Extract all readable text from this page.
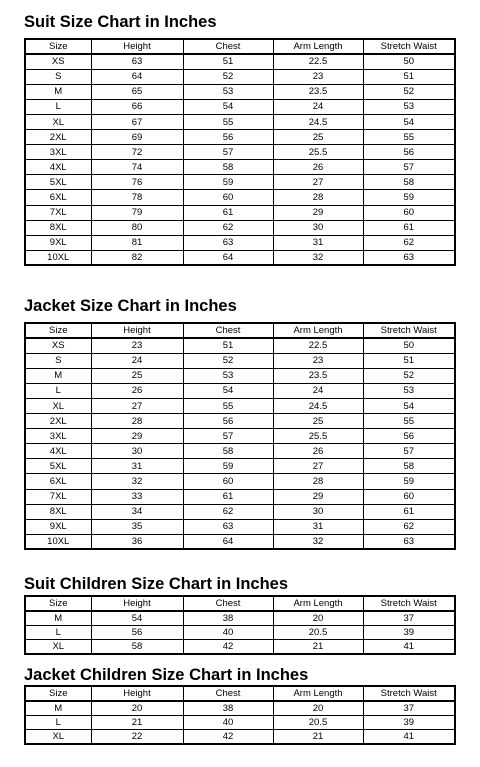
Suit Size Chart in Inches
Size	Height	Chest	Arm Length	Stretch Waist
XS	63	51	22.5	50
S	64	52	23	51
M	65	53	23.5	52
L	66	54	24	53
XL	67	55	24.5	54
2XL	69	56	25	55
3XL	72	57	25.5	56
4XL	74	58	26	57
5XL	76	59	27	58
6XL	78	60	28	59
7XL	79	61	29	60
8XL	80	62	30	61
9XL	81	63	31	62
10XL	82	64	32	63
Jacket Size Chart in Inches
Size	Height	Chest	Arm Length	Stretch Waist
XS	23	51	22.5	50
S	24	52	23	51
M	25	53	23.5	52
L	26	54	24	53
XL	27	55	24.5	54
2XL	28	56	25	55
3XL	29	57	25.5	56
4XL	30	58	26	57
5XL	31	59	27	58
6XL	32	60	28	59
7XL	33	61	29	60
8XL	34	62	30	61
9XL	35	63	31	62
10XL	36	64	32	63
Suit Children Size Chart in Inches
Size	Height	Chest	Arm Length	Stretch Waist
M	54	38	20	37
L	56	40	20.5	39
XL	58	42	21	41
Jacket Children Size Chart in Inches
Size	Height	Chest	Arm Length	Stretch Waist
M	20	38	20	37
L	21	40	20.5	39
XL	22	42	21	41
